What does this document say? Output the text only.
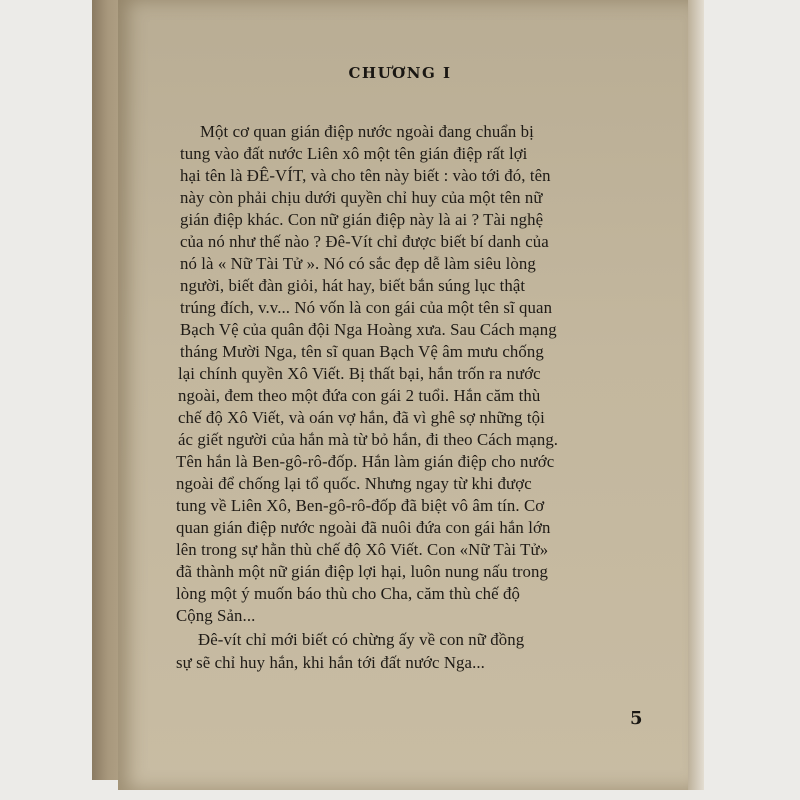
CHƯƠNG I
Một cơ quan gián điệp nước ngoài đang chuẩn bị
tung vào đất nước Liên xô một tên gián điệp rất lợi
hại tên là ĐÊ-VÍT, và cho tên này biết : vào tới đó, tên
này còn phải chịu dưới quyền chỉ huy của một tên nữ
gián điệp khác. Con nữ gián điệp này là ai ? Tài nghệ
của nó như thế nào ? Đê-Vít chỉ được biết bí danh của
nó là « Nữ Tài Tử ». Nó có sắc đẹp dễ làm siêu lòng
người, biết đàn giỏi, hát hay, biết bắn súng lục thật
trúng đích, v.v... Nó vốn là con gái của một tên sĩ quan
Bạch Vệ của quân đội Nga Hoàng xưa. Sau Cách mạng
tháng Mười Nga, tên sĩ quan Bạch Vệ âm mưu chống
lại chính quyền Xô Viết. Bị thất bại, hắn trốn ra nước
ngoài, đem theo một đứa con gái 2 tuổi. Hắn căm thù
chế độ Xô Viết, và oán vợ hắn, đã vì ghê sợ những tội
ác giết người của hắn mà từ bỏ hắn, đi theo Cách mạng.
Tên hắn là Ben-gô-rô-đốp. Hắn làm gián điệp cho nước
ngoài để chống lại tổ quốc. Nhưng ngay từ khi được
tung về Liên Xô, Ben-gô-rô-đốp đã biệt vô âm tín. Cơ
quan gián điệp nước ngoài đã nuôi đứa con gái hắn lớn
lên trong sự hằn thù chế độ Xô Viết. Con «Nữ Tài Tử»
đã thành một nữ gián điệp lợi hại, luôn nung nấu trong
lòng một ý muốn báo thù cho Cha, căm thù chế độ
Cộng Sản...
Đê-vít chỉ mới biết có chừng ấy về con nữ đồng
sự sẽ chỉ huy hắn, khi hắn tới đất nước Nga...
5
